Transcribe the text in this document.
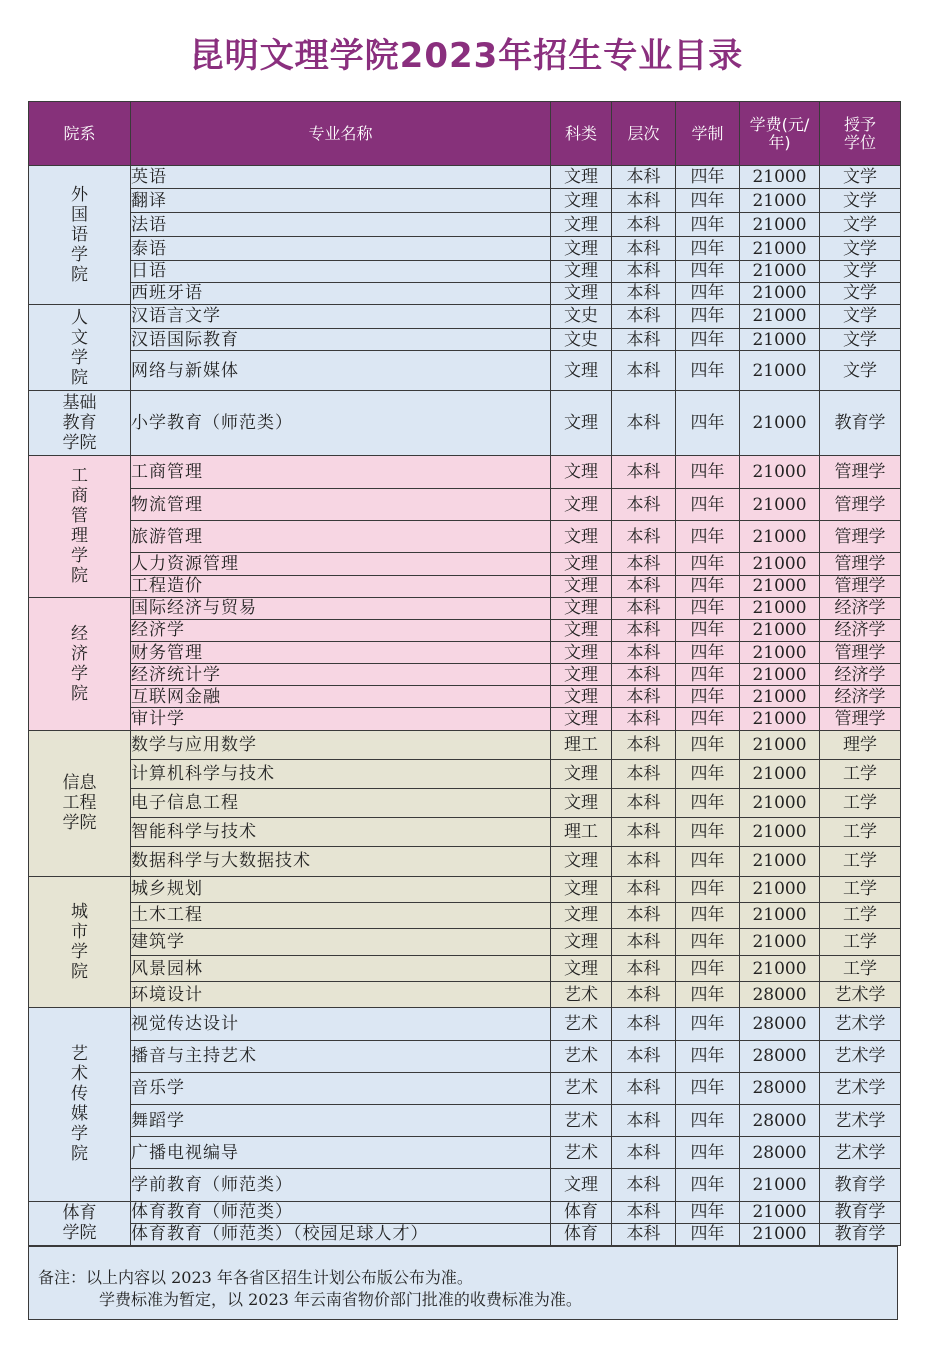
昆明文理学院2023年招生专业目录
院系	专业名称	科类	层次	学制	学费(元/年)	授予学位

外国语学院	英语	文理	本科	四年	21000	文学
	翻译	文理	本科	四年	21000	文学
	法语	文理	本科	四年	21000	文学
	泰语	文理	本科	四年	21000	文学
	日语	文理	本科	四年	21000	文学
	西班牙语	文理	本科	四年	21000	文学

人文学院	汉语言文学	文史	本科	四年	21000	文学
	汉语国际教育	文史	本科	四年	21000	文学
	网络与新媒体	文理	本科	四年	21000	文学

基础教育学院	小学教育（师范类）	文理	本科	四年	21000	教育学

工商管理学院	工商管理	文理	本科	四年	21000	管理学
	物流管理	文理	本科	四年	21000	管理学
	旅游管理	文理	本科	四年	21000	管理学
	人力资源管理	文理	本科	四年	21000	管理学
	工程造价	文理	本科	四年	21000	管理学

经济学院	国际经济与贸易	文理	本科	四年	21000	经济学
	经济学	文理	本科	四年	21000	经济学
	财务管理	文理	本科	四年	21000	管理学
	经济统计学	文理	本科	四年	21000	经济学
	互联网金融	文理	本科	四年	21000	经济学
	审计学	文理	本科	四年	21000	管理学

信息工程学院	数学与应用数学	理工	本科	四年	21000	理学
	计算机科学与技术	文理	本科	四年	21000	工学
	电子信息工程	文理	本科	四年	21000	工学
	智能科学与技术	理工	本科	四年	21000	工学
	数据科学与大数据技术	文理	本科	四年	21000	工学

城市学院	城乡规划	文理	本科	四年	21000	工学
	土木工程	文理	本科	四年	21000	工学
	建筑学	文理	本科	四年	21000	工学
	风景园林	文理	本科	四年	21000	工学
	环境设计	艺术	本科	四年	28000	艺术学

艺术传媒学院	视觉传达设计	艺术	本科	四年	28000	艺术学
	播音与主持艺术	艺术	本科	四年	28000	艺术学
	音乐学	艺术	本科	四年	28000	艺术学
	舞蹈学	艺术	本科	四年	28000	艺术学
	广播电视编导	艺术	本科	四年	28000	艺术学
	学前教育（师范类）	文理	本科	四年	21000	教育学

体育学院	体育教育（师范类）	体育	本科	四年	21000	教育学
	体育教育（师范类）（校园足球人才）	体育	本科	四年	21000	教育学
备注：以上内容以 2023 年各省区招生计划公布版公布为准。
学费标准为暂定，以 2023 年云南省物价部门批准的收费标准为准。
